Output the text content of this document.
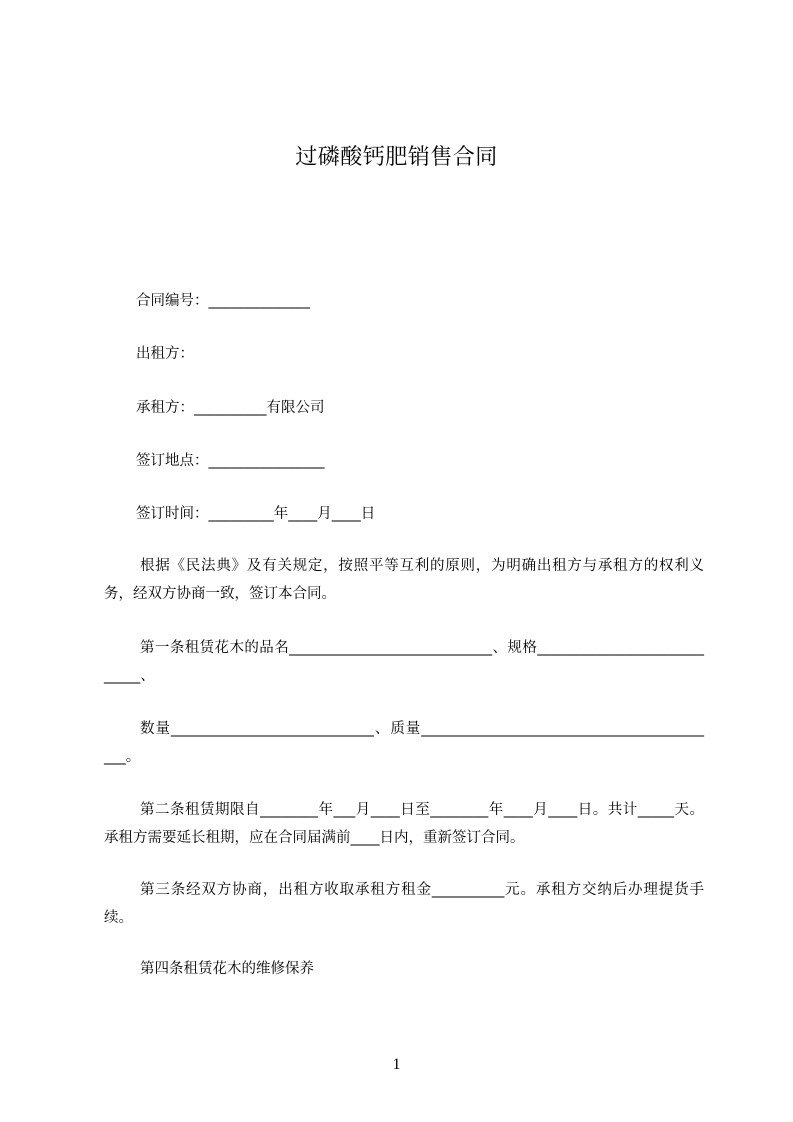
过磷酸钙肥销售合同
合同编号：______________
出租方：
承租方：__________有限公司
签订地点：________________
签订时间：_________年____月____日
根据《民法典》及有关规定，按照平等互利的原则，为明确出租方与承租方的权利义务，经双方协商一致，签订本合同。
第一条租赁花木的品名____________________________、规格____________________________、
数量____________________________、质量__________________________________________。
第二条租赁期限自________年___月____日至________年____月____日。共计_____天。承租方需要延长租期，应在合同届满前____日内，重新签订合同。
第三条经双方协商，出租方收取承租方租金__________元。承租方交纳后办理提货手续。
第四条租赁花木的维修保养
1
